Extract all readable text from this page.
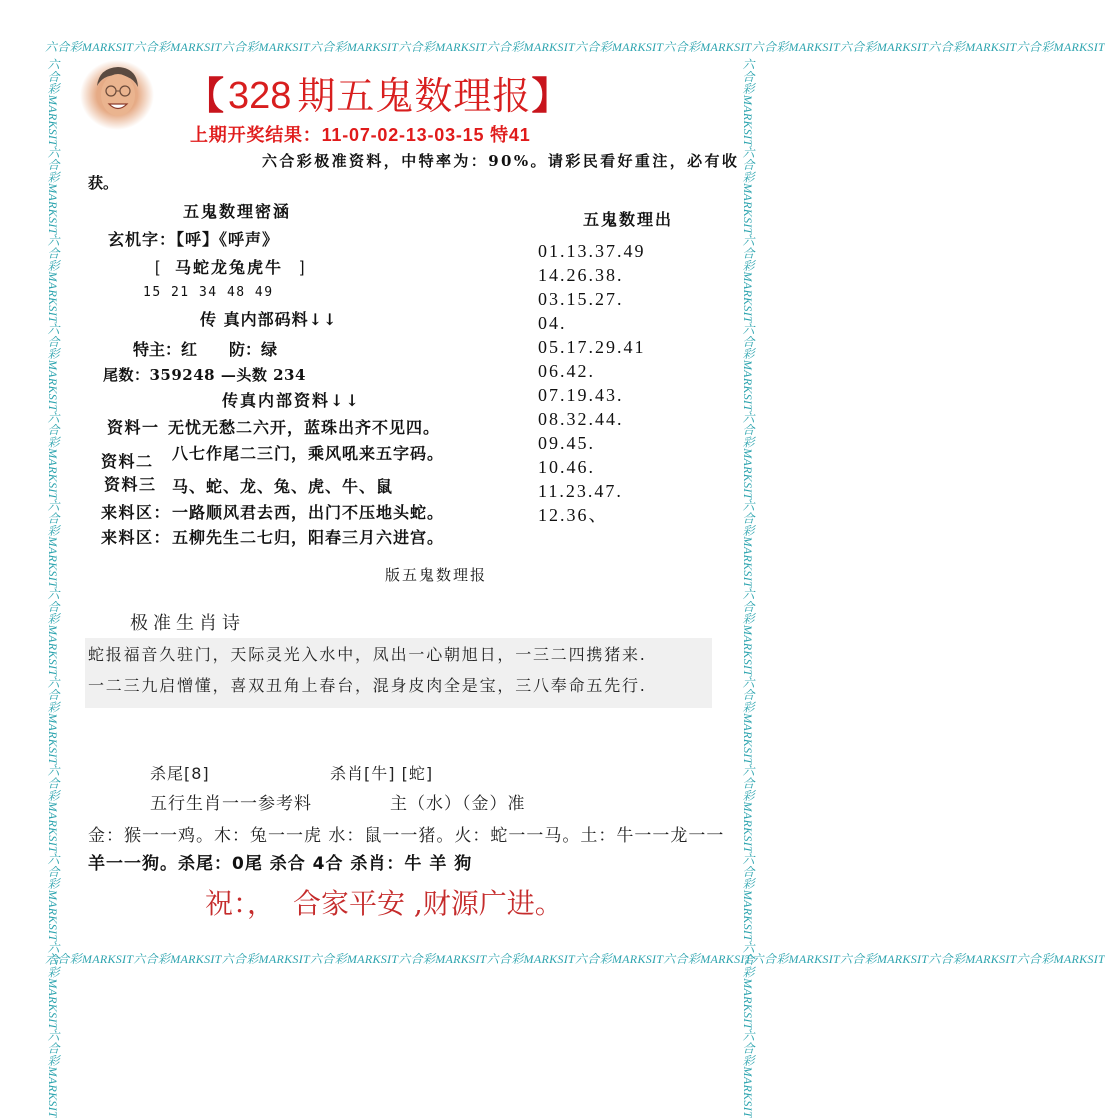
六合彩MARKSIT六合彩MARKSIT六合彩MARKSIT六合彩MARKSIT六合彩MARKSIT六合彩MARKSIT六合彩MARKSIT六合彩MARKSIT六合彩MARKSIT六合彩MARKSIT六合彩MARKSIT六合彩MARKSIT
六合彩MARKSIT六合彩MARKSIT六合彩MARKSIT六合彩MARKSIT六合彩MARKSIT六合彩MARKSIT六合彩MARKSIT六合彩MARKSIT六合彩MARKSIT六合彩MARKSIT六合彩MARKSIT六合彩MARKSIT
六合彩MARKSIT六合彩MARKSIT六合彩MARKSIT六合彩MARKSIT六合彩MARKSIT六合彩MARKSIT六合彩MARKSIT六合彩MARKSIT六合彩MARKSIT六合彩MARKSIT六合彩MARKSIT六合彩MARKSIT	六合彩MARKSIT六合彩MARKSIT六合彩MARKSIT六合彩MARKSIT六合彩MARKSIT六合彩MARKSIT六合彩MARKSIT六合彩MARKSIT六合彩MARKSIT六合彩MARKSIT六合彩MARKSIT六合彩MARKSIT
【 328 期五鬼数理报 】
上期开奖结果：11-07-02-13-03-15 特41
六合彩极准资料，中特率为：90%。请彩民看好重注，必有收
获。
五鬼数理密涵
玄机字：【呼】《呼声》
[ 马蛇龙兔虎牛 ]
15 21 34 48 49
传 真内部码料↓↓
特主：红 防：绿
尾数：359248 —头数 234
传真内部资料↓↓
资料一 无忧无愁二六开，蓝珠出齐不见四。
资料二 八七作尾二三门，乘风吼来五字码。
资料三 马、蛇、龙、兔、虎、牛、鼠
来料区： 一路顺风君去西，出门不压地头蛇。
来料区： 五柳先生二七归，阳春三月六进宫。
五鬼数理出
01.13.37.49
14.26.38.
03.15.27.
04.
05.17.29.41
06.42.
07.19.43.
08.32.44.
09.45.
10.46.
11.23.47.
12.36、
版五鬼数理报
极准生肖诗
蛇报福音久驻门，天际灵光入水中，凤出一心朝旭日，一三二四携猪来.
一二三九启憎懂，喜双丑角上春台，混身皮肉全是宝，三八奉命五先行.
杀尾[8]	杀肖[牛] [蛇]
五行生肖一一参考料	主（水）（金）准
金：猴一一鸡。木：兔一一虎 水：鼠一一猪。火：蛇一一马。土：牛一一龙一一
羊一一狗。杀尾：0尾 杀合 4合 杀肖：牛 羊 狗
祝：， 合家平安 ,财源广进。
